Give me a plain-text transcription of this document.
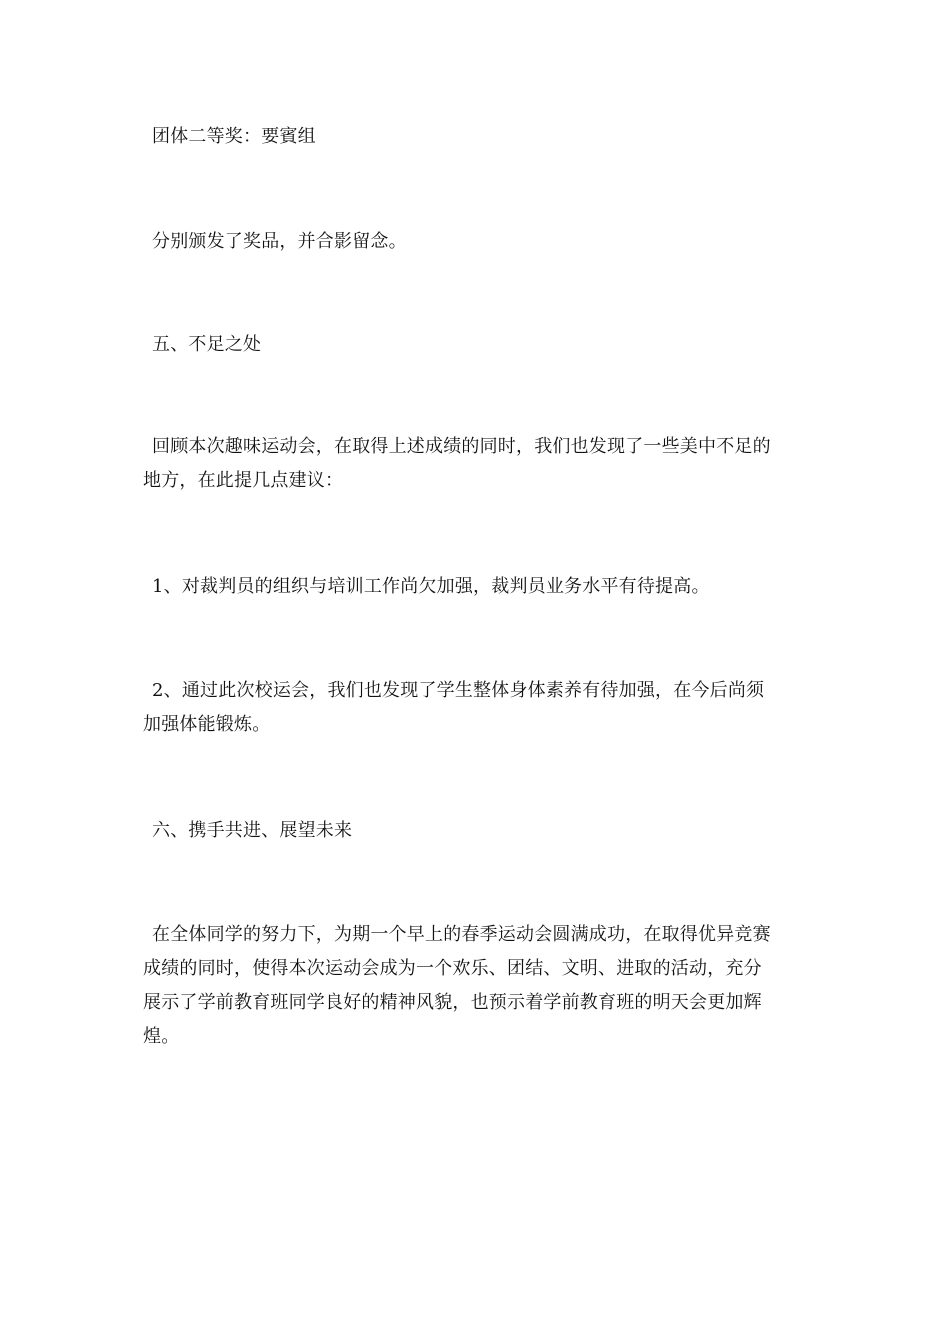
团体二等奖：要賓组

分别颁发了奖品，并合影留念。

五、不足之处

回顾本次趣味运动会，在取得上述成绩的同时，我们也发现了一些美中不足的
地方，在此提几点建议：

1、对裁判员的组织与培训工作尚欠加强，裁判员业务水平有待提高。

2、通过此次校运会，我们也发现了学生整体身体素养有待加强，在今后尚须
加强体能锻炼。

六、携手共进、展望未来

在全体同学的努力下，为期一个早上的春季运动会圆满成功，在取得优异竞赛
成绩的同时，使得本次运动会成为一个欢乐、团结、文明、进取的活动，充分
展示了学前教育班同学良好的精神风貌，也预示着学前教育班的明天会更加辉
煌。
